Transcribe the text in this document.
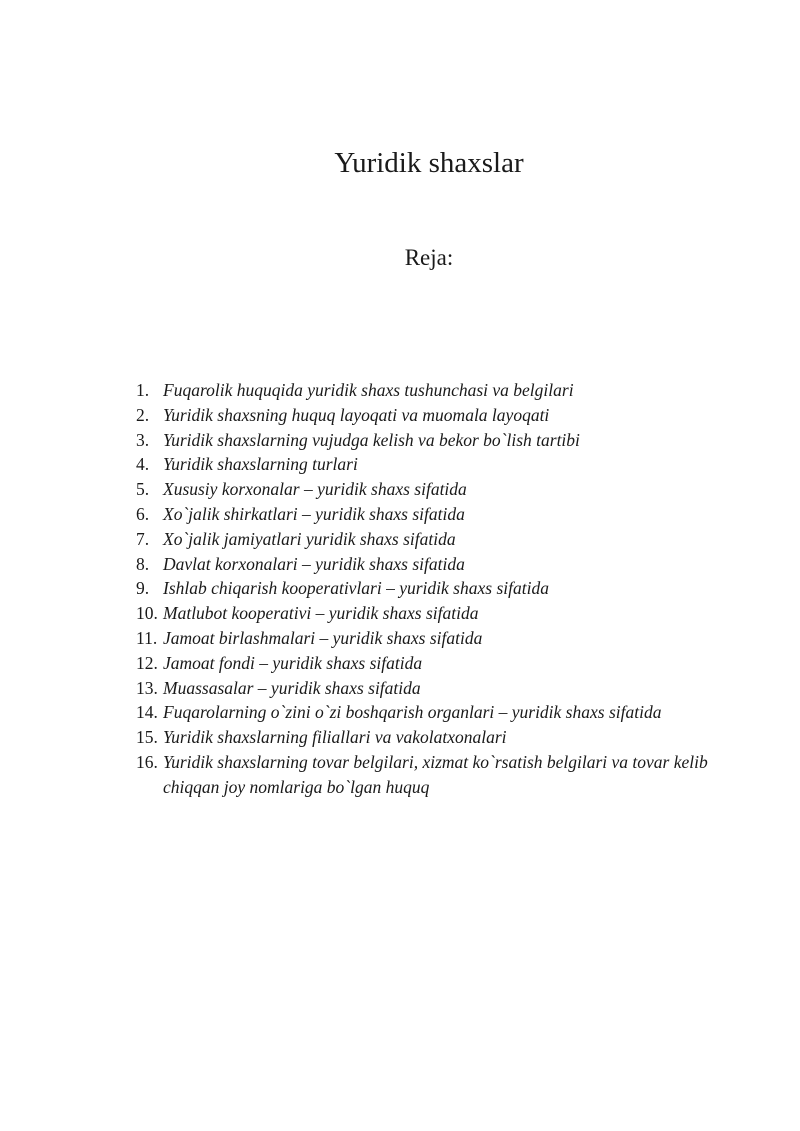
Yuridik shaxslar
Reja:
1. Fuqarolik huquqida yuridik shaxs tushunchasi va belgilari
2. Yuridik shaxsning huquq layoqati va muomala layoqati
3. Yuridik shaxslarning vujudga kelish va bekor bo`lish tartibi
4. Yuridik shaxslarning turlari
5. Xususiy korxonalar – yuridik shaxs sifatida
6. Xo`jalik shirkatlari – yuridik shaxs sifatida
7. Xo`jalik jamiyatlari yuridik shaxs sifatida
8. Davlat korxonalari – yuridik shaxs sifatida
9. Ishlab chiqarish kooperativlari – yuridik shaxs sifatida
10. Matlubot kooperativi – yuridik shaxs sifatida
11. Jamoat birlashmalari – yuridik shaxs sifatida
12. Jamoat fondi – yuridik shaxs sifatida
13. Muassasalar – yuridik shaxs sifatida
14. Fuqarolarning o`zini o`zi boshqarish organlari – yuridik shaxs sifatida
15. Yuridik shaxslarning filiallari va vakolatxonalari
16. Yuridik shaxslarning tovar belgilari, xizmat ko`rsatish belgilari va tovar kelib chiqqan joy nomlariga bo`lgan huquq
